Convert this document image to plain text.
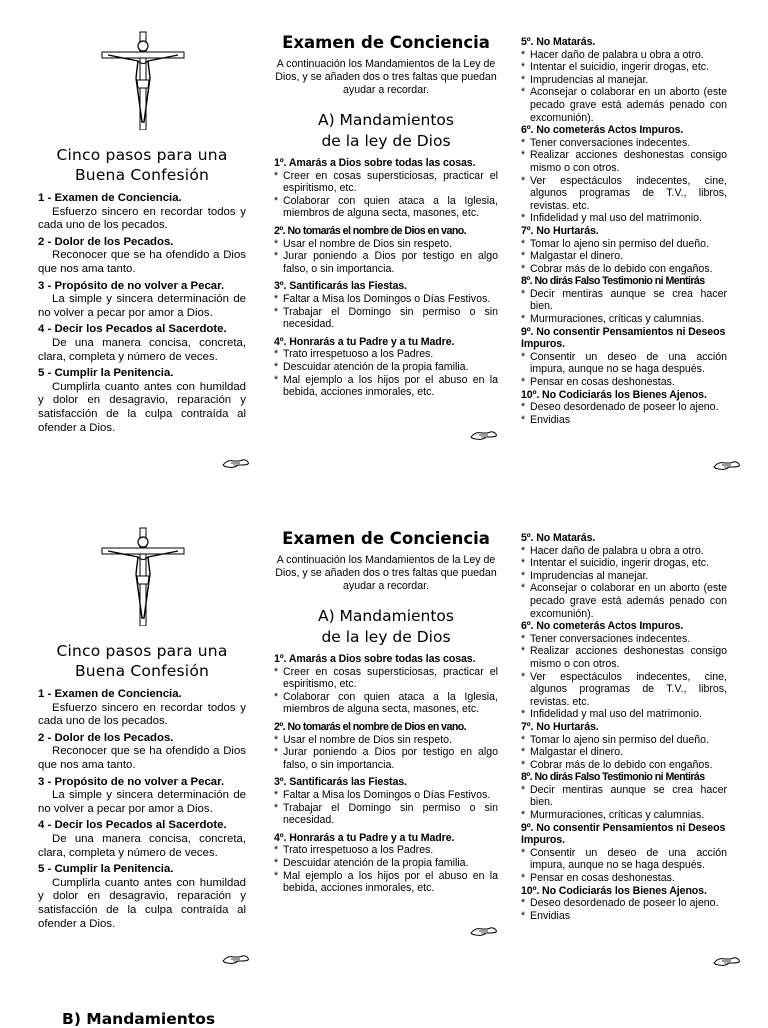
Cinco pasos para una
Buena Confesión
1 - Examen de Conciencia.
Esfuerzo sincero en recordar todos y cada uno de los pecados.
2 - Dolor de los Pecados.
Reconocer que se ha ofendido a Dios que nos ama tanto.
3 - Propósito de no volver a Pecar.
La simple y sincera determinación de no volver a pecar por amor a Dios.
4 - Decir los Pecados al Sacerdote.
De una manera concisa, concreta, clara, completa y número de veces.
5 - Cumplir la Penitencia.
Cumplirla cuanto antes con humildad y dolor en desagravio, reparación y satisfacción de la culpa contraída al ofender a Dios.
Examen de Conciencia
A continuación los Mandamientos de la Ley de Dios, y se añaden dos o tres faltas que puedan ayudar a recordar.
A) Mandamientos
de la ley de Dios
1º. Amarás a Dios sobre todas las cosas.
* Creer en cosas supersticiosas, practicar el espiritismo, etc.
* Colaborar con quien ataca a la Iglesia, miembros de alguna secta, masones, etc.
2º. No tomarás el nombre de Dios en vano.
* Usar el nombre de Dios sin respeto.
* Jurar poniendo a Dios por testigo en algo falso, o sin importancia.
3º. Santificarás las Fiestas.
* Faltar a Misa los Domingos o Días Festivos.
* Trabajar el Domingo sin permiso o sin necesidad.
4º. Honrarás a tu Padre y a tu Madre.
* Trato irrespetuoso a los Padres.
* Descuidar atención de la propia familia.
* Mal ejemplo a los hijos por el abuso en la bebida, acciones inmorales, etc.
5º. No Matarás.
* Hacer daño de palabra u obra a otro.
* Intentar el suicidio, ingerir drogas, etc.
* Imprudencias al manejar.
* Aconsejar o colaborar en un aborto (este pecado grave está además penado con excomunión).
6º. No cometerás Actos Impuros.
* Tener conversaciones indecentes.
* Realizar acciones deshonestas consigo mismo o con otros.
* Ver espectáculos indecentes, cine, algunos programas de T.V., libros, revistas. etc.
* Infidelidad y mal uso del matrimonio.
7º. No Hurtarás.
* Tomar lo ajeno sin permiso del dueño.
* Malgastar el dinero.
* Cobrar más de lo debido con engaños.
8º. No dirás Falso Testimonio ni Mentirás
* Decir mentiras aunque se crea hacer bien.
* Murmuraciones, críticas y calumnias.
9º. No consentir Pensamientos ni Deseos Impuros.
* Consentir un deseo de una acción impura, aunque no se haga después.
* Pensar en cosas deshonestas.
10º. No Codiciarás los Bienes Ajenos.
* Deseo desordenado de poseer lo ajeno.
* Envidias
Cinco pasos para una
Buena Confesión
1 - Examen de Conciencia.
Esfuerzo sincero en recordar todos y cada uno de los pecados.
2 - Dolor de los Pecados.
Reconocer que se ha ofendido a Dios que nos ama tanto.
3 - Propósito de no volver a Pecar.
La simple y sincera determinación de no volver a pecar por amor a Dios.
4 - Decir los Pecados al Sacerdote.
De una manera concisa, concreta, clara, completa y número de veces.
5 - Cumplir la Penitencia.
Cumplirla cuanto antes con humildad y dolor en desagravio, reparación y satisfacción de la culpa contraída al ofender a Dios.
Examen de Conciencia
A continuación los Mandamientos de la Ley de Dios, y se añaden dos o tres faltas que puedan ayudar a recordar.
A) Mandamientos
de la ley de Dios
1º. Amarás a Dios sobre todas las cosas.
* Creer en cosas supersticiosas, practicar el espiritismo, etc.
* Colaborar con quien ataca a la Iglesia, miembros de alguna secta, masones, etc.
2º. No tomarás el nombre de Dios en vano.
* Usar el nombre de Dios sin respeto.
* Jurar poniendo a Dios por testigo en algo falso, o sin importancia.
3º. Santificarás las Fiestas.
* Faltar a Misa los Domingos o Días Festivos.
* Trabajar el Domingo sin permiso o sin necesidad.
4º. Honrarás a tu Padre y a tu Madre.
* Trato irrespetuoso a los Padres.
* Descuidar atención de la propia familia.
* Mal ejemplo a los hijos por el abuso en la bebida, acciones inmorales, etc.
5º. No Matarás.
* Hacer daño de palabra u obra a otro.
* Intentar el suicidio, ingerir drogas, etc.
* Imprudencias al manejar.
* Aconsejar o colaborar en un aborto (este pecado grave está además penado con excomunión).
6º. No cometerás Actos Impuros.
* Tener conversaciones indecentes.
* Realizar acciones deshonestas consigo mismo o con otros.
* Ver espectáculos indecentes, cine, algunos programas de T.V., libros, revistas. etc.
* Infidelidad y mal uso del matrimonio.
7º. No Hurtarás.
* Tomar lo ajeno sin permiso del dueño.
* Malgastar el dinero.
* Cobrar más de lo debido con engaños.
8º. No dirás Falso Testimonio ni Mentirás
* Decir mentiras aunque se crea hacer bien.
* Murmuraciones, críticas y calumnias.
9º. No consentir Pensamientos ni Deseos Impuros.
* Consentir un deseo de una acción impura, aunque no se haga después.
* Pensar en cosas deshonestas.
10º. No Codiciarás los Bienes Ajenos.
* Deseo desordenado de poseer lo ajeno.
* Envidias
B) Mandamientos
